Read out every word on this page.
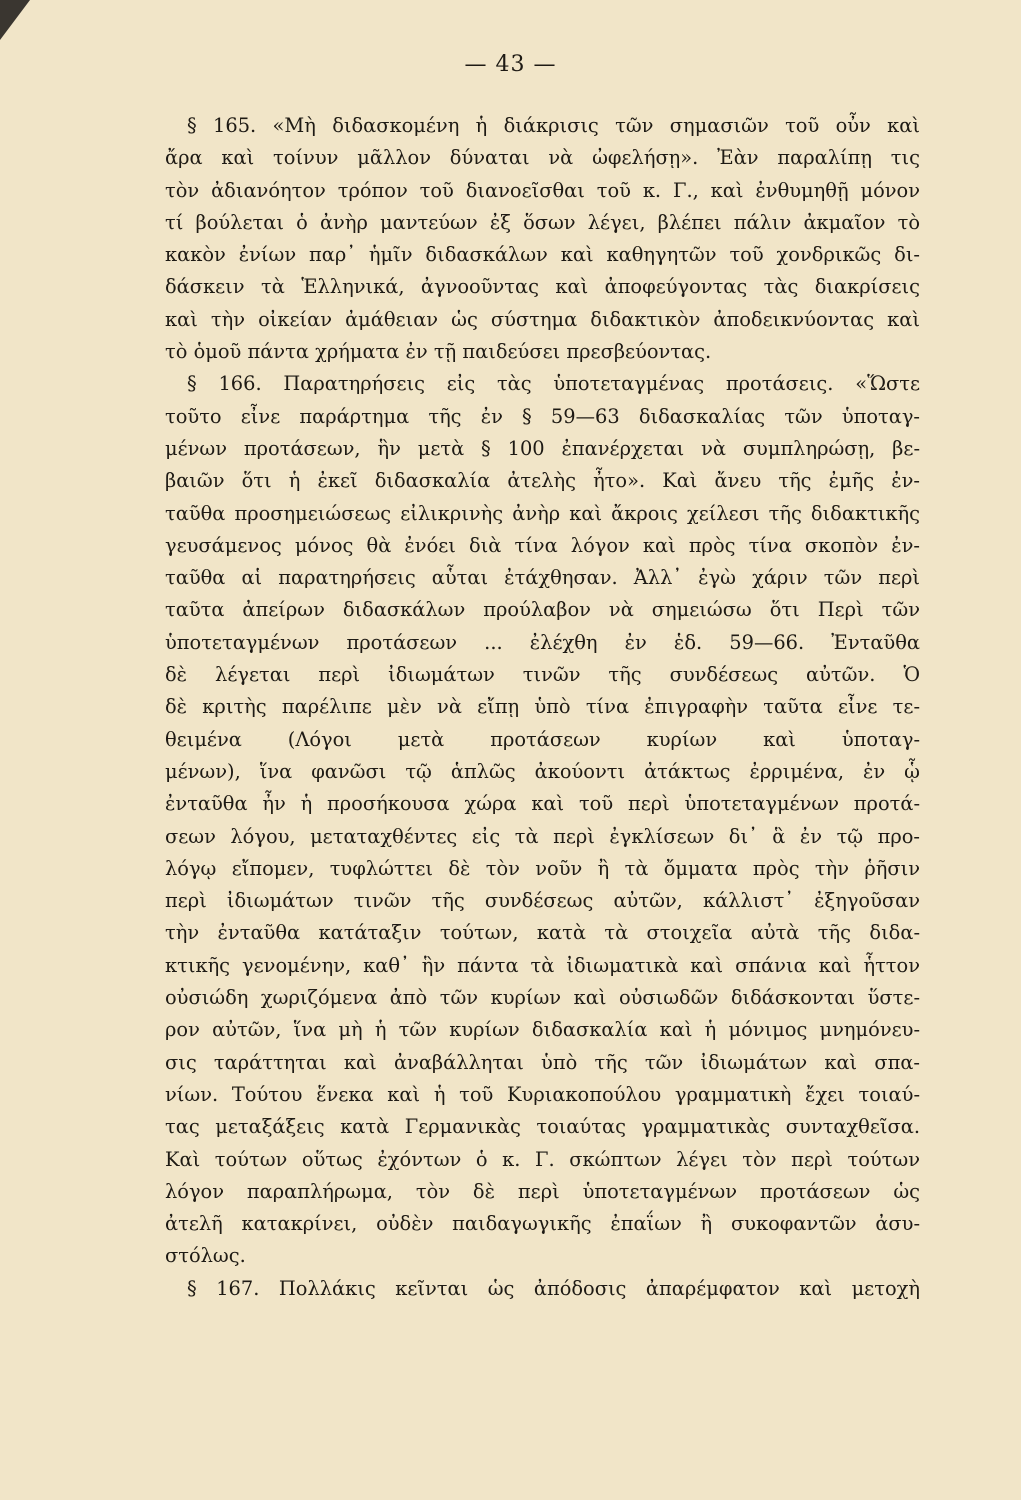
— 43 —
§ 165. «Μὴ διδασκομένη ἡ διάκρισις τῶν σημασιῶν τοῦ οὖν καὶ
ἄρα καὶ τοίνυν μᾶλλον δύναται νὰ ὠφελήσῃ». Ἐὰν παραλίπῃ τις
τὸν ἀδιανόητον τρόπον τοῦ διανοεῖσθαι τοῦ κ. Γ., καὶ ἐνθυμηθῇ μόνον
τί βούλεται ὁ ἀνὴρ μαντεύων ἐξ ὅσων λέγει, βλέπει πάλιν ἀκμαῖον τὸ
κακὸν ἐνίων παρ᾽ ἡμῖν διδασκάλων καὶ καθηγητῶν τοῦ χονδρικῶς δι-
δάσκειν τὰ Ἑλληνικά, ἀγνοοῦντας καὶ ἀποφεύγοντας τὰς διακρίσεις
καὶ τὴν οἰκείαν ἀμάθειαν ὡς σύστημα διδακτικὸν ἀποδεικνύοντας καὶ
τὸ ὁμοῦ πάντα χρήματα ἐν τῇ παιδεύσει πρεσβεύοντας.
§ 166. Παρατηρήσεις εἰς τὰς ὑποτεταγμένας προτάσεις. «Ὥστε
τοῦτο εἶνε παράρτημα τῆς ἐν § 59—63 διδασκαλίας τῶν ὑποταγ-
μένων προτάσεων, ἣν μετὰ § 100 ἐπανέρχεται νὰ συμπληρώσῃ, βε-
βαιῶν ὅτι ἡ ἐκεῖ διδασκαλία ἀτελὴς ἦτο». Καὶ ἄνευ τῆς ἐμῆς ἐν-
ταῦθα προσημειώσεως εἰλικρινὴς ἀνὴρ καὶ ἄκροις χείλεσι τῆς διδακτικῆς
γευσάμενος μόνος θὰ ἐνόει διὰ τίνα λόγον καὶ πρὸς τίνα σκοπὸν ἐν-
ταῦθα αἱ παρατηρήσεις αὗται ἐτάχθησαν. Ἀλλ᾽ ἐγὼ χάριν τῶν περὶ
ταῦτα ἀπείρων διδασκάλων προύλαβον νὰ σημειώσω ὅτι Περὶ τῶν
ὑποτεταγμένων προτάσεων ... ἐλέχθη ἐν ἑδ. 59—66. Ἐνταῦθα
δὲ λέγεται περὶ ἰδιωμάτων τινῶν τῆς συνδέσεως αὐτῶν. Ὁ
δὲ κριτὴς παρέλιπε μὲν νὰ εἴπῃ ὑπὸ τίνα ἐπιγραφὴν ταῦτα εἶνε τε-
θειμένα (Λόγοι μετὰ προτάσεων κυρίων καὶ ὑποταγ-
μένων), ἵνα φανῶσι τῷ ἁπλῶς ἀκούοντι ἀτάκτως ἐρριμένα, ἐν ᾧ
ἐνταῦθα ἦν ἡ προσήκουσα χώρα καὶ τοῦ περὶ ὑποτεταγμένων προτά-
σεων λόγου, μεταταχθέντες εἰς τὰ περὶ ἐγκλίσεων δι᾽ ἃ ἐν τῷ προ-
λόγῳ εἴπομεν, τυφλώττει δὲ τὸν νοῦν ἢ τὰ ὄμματα πρὸς τὴν ῥῆσιν
περὶ ἰδιωμάτων τινῶν τῆς συνδέσεως αὐτῶν, κάλλιστ᾽ ἐξηγοῦσαν
τὴν ἐνταῦθα κατάταξιν τούτων, κατὰ τὰ στοιχεῖα αὐτὰ τῆς διδα-
κτικῆς γενομένην, καθ᾽ ἣν πάντα τὰ ἰδιωματικὰ καὶ σπάνια καὶ ἧττον
οὐσιώδη χωριζόμενα ἀπὸ τῶν κυρίων καὶ οὐσιωδῶν διδάσκονται ὕστε-
ρον αὐτῶν, ἵνα μὴ ἡ τῶν κυρίων διδασκαλία καὶ ἡ μόνιμος μνημόνευ-
σις ταράττηται καὶ ἀναβάλληται ὑπὸ τῆς τῶν ἰδιωμάτων καὶ σπα-
νίων. Τούτου ἕνεκα καὶ ἡ τοῦ Κυριακοπούλου γραμματικὴ ἔχει τοιαύ-
τας μεταξάξεις κατὰ Γερμανικὰς τοιαύτας γραμματικὰς συνταχθεῖσα.
Καὶ τούτων οὕτως ἐχόντων ὁ κ. Γ. σκώπτων λέγει τὸν περὶ τούτων
λόγον παραπλήρωμα, τὸν δὲ περὶ ὑποτεταγμένων προτάσεων ὡς
ἀτελῆ κατακρίνει, οὐδὲν παιδαγωγικῆς ἐπαΐων ἢ συκοφαντῶν ἀσυ-
στόλως.
§ 167. Πολλάκις κεῖνται ὡς ἀπόδοσις ἀπαρέμφατον καὶ μετοχὴ
